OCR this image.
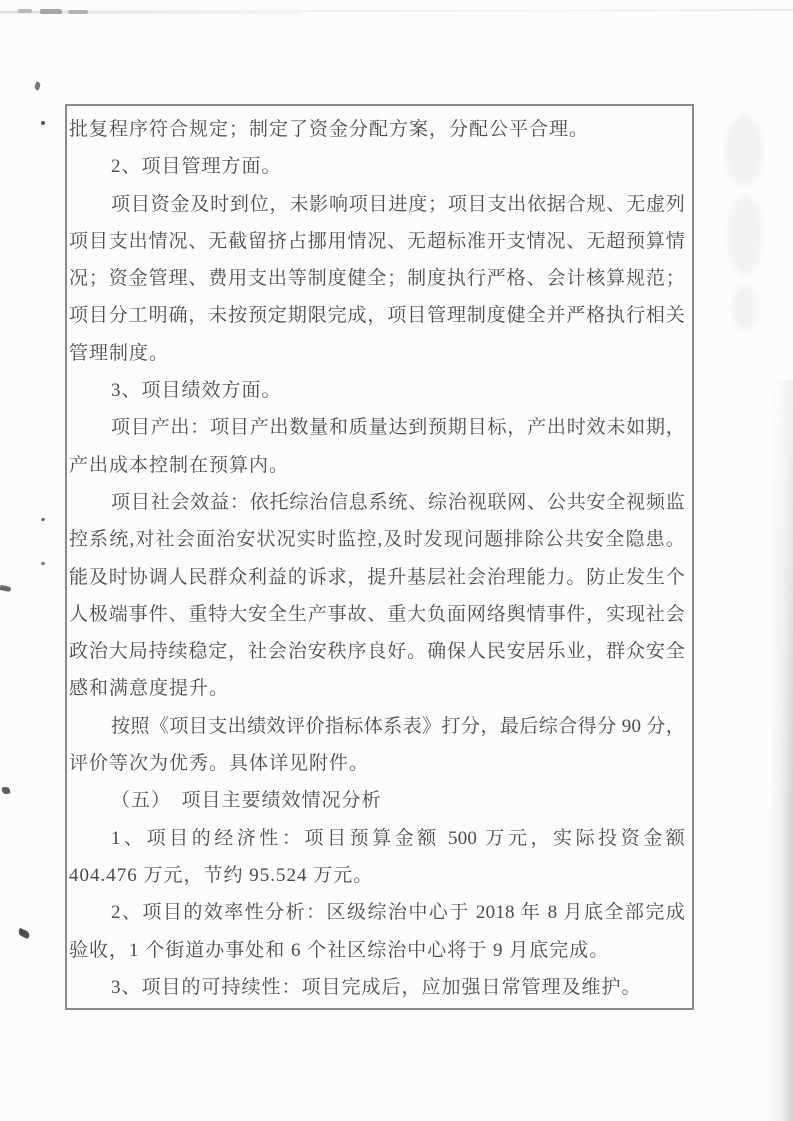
批复程序符合规定；制定了资金分配方案，分配公平合理。
2、项目管理方面。
项目资金及时到位，未影响项目进度；项目支出依据合规、无虚列
项目支出情况、无截留挤占挪用情况、无超标准开支情况、无超预算情
况；资金管理、费用支出等制度健全；制度执行严格、会计核算规范；
项目分工明确，未按预定期限完成，项目管理制度健全并严格执行相关
管理制度。
3、项目绩效方面。
项目产出：项目产出数量和质量达到预期目标，产出时效未如期，
产出成本控制在预算内。
项目社会效益：依托综治信息系统、综治视联网、公共安全视频监
控系统,对社会面治安状况实时监控,及时发现问题排除公共安全隐患。
能及时协调人民群众利益的诉求，提升基层社会治理能力。防止发生个
人极端事件、重特大安全生产事故、重大负面网络舆情事件，实现社会
政治大局持续稳定，社会治安秩序良好。确保人民安居乐业，群众安全
感和满意度提升。
按照《项目支出绩效评价指标体系表》打分，最后综合得分 90 分，
评价等次为优秀。具体详见附件。
（五）　项目主要绩效情况分析
1、项目的经济性：项目预算金额 500 万元，实际投资金额
404.476 万元，节约 95.524 万元。
2、项目的效率性分析：区级综治中心于 2018 年 8 月底全部完成
验收，1 个街道办事处和 6 个社区综治中心将于 9 月底完成。
3、项目的可持续性：项目完成后，应加强日常管理及维护。
